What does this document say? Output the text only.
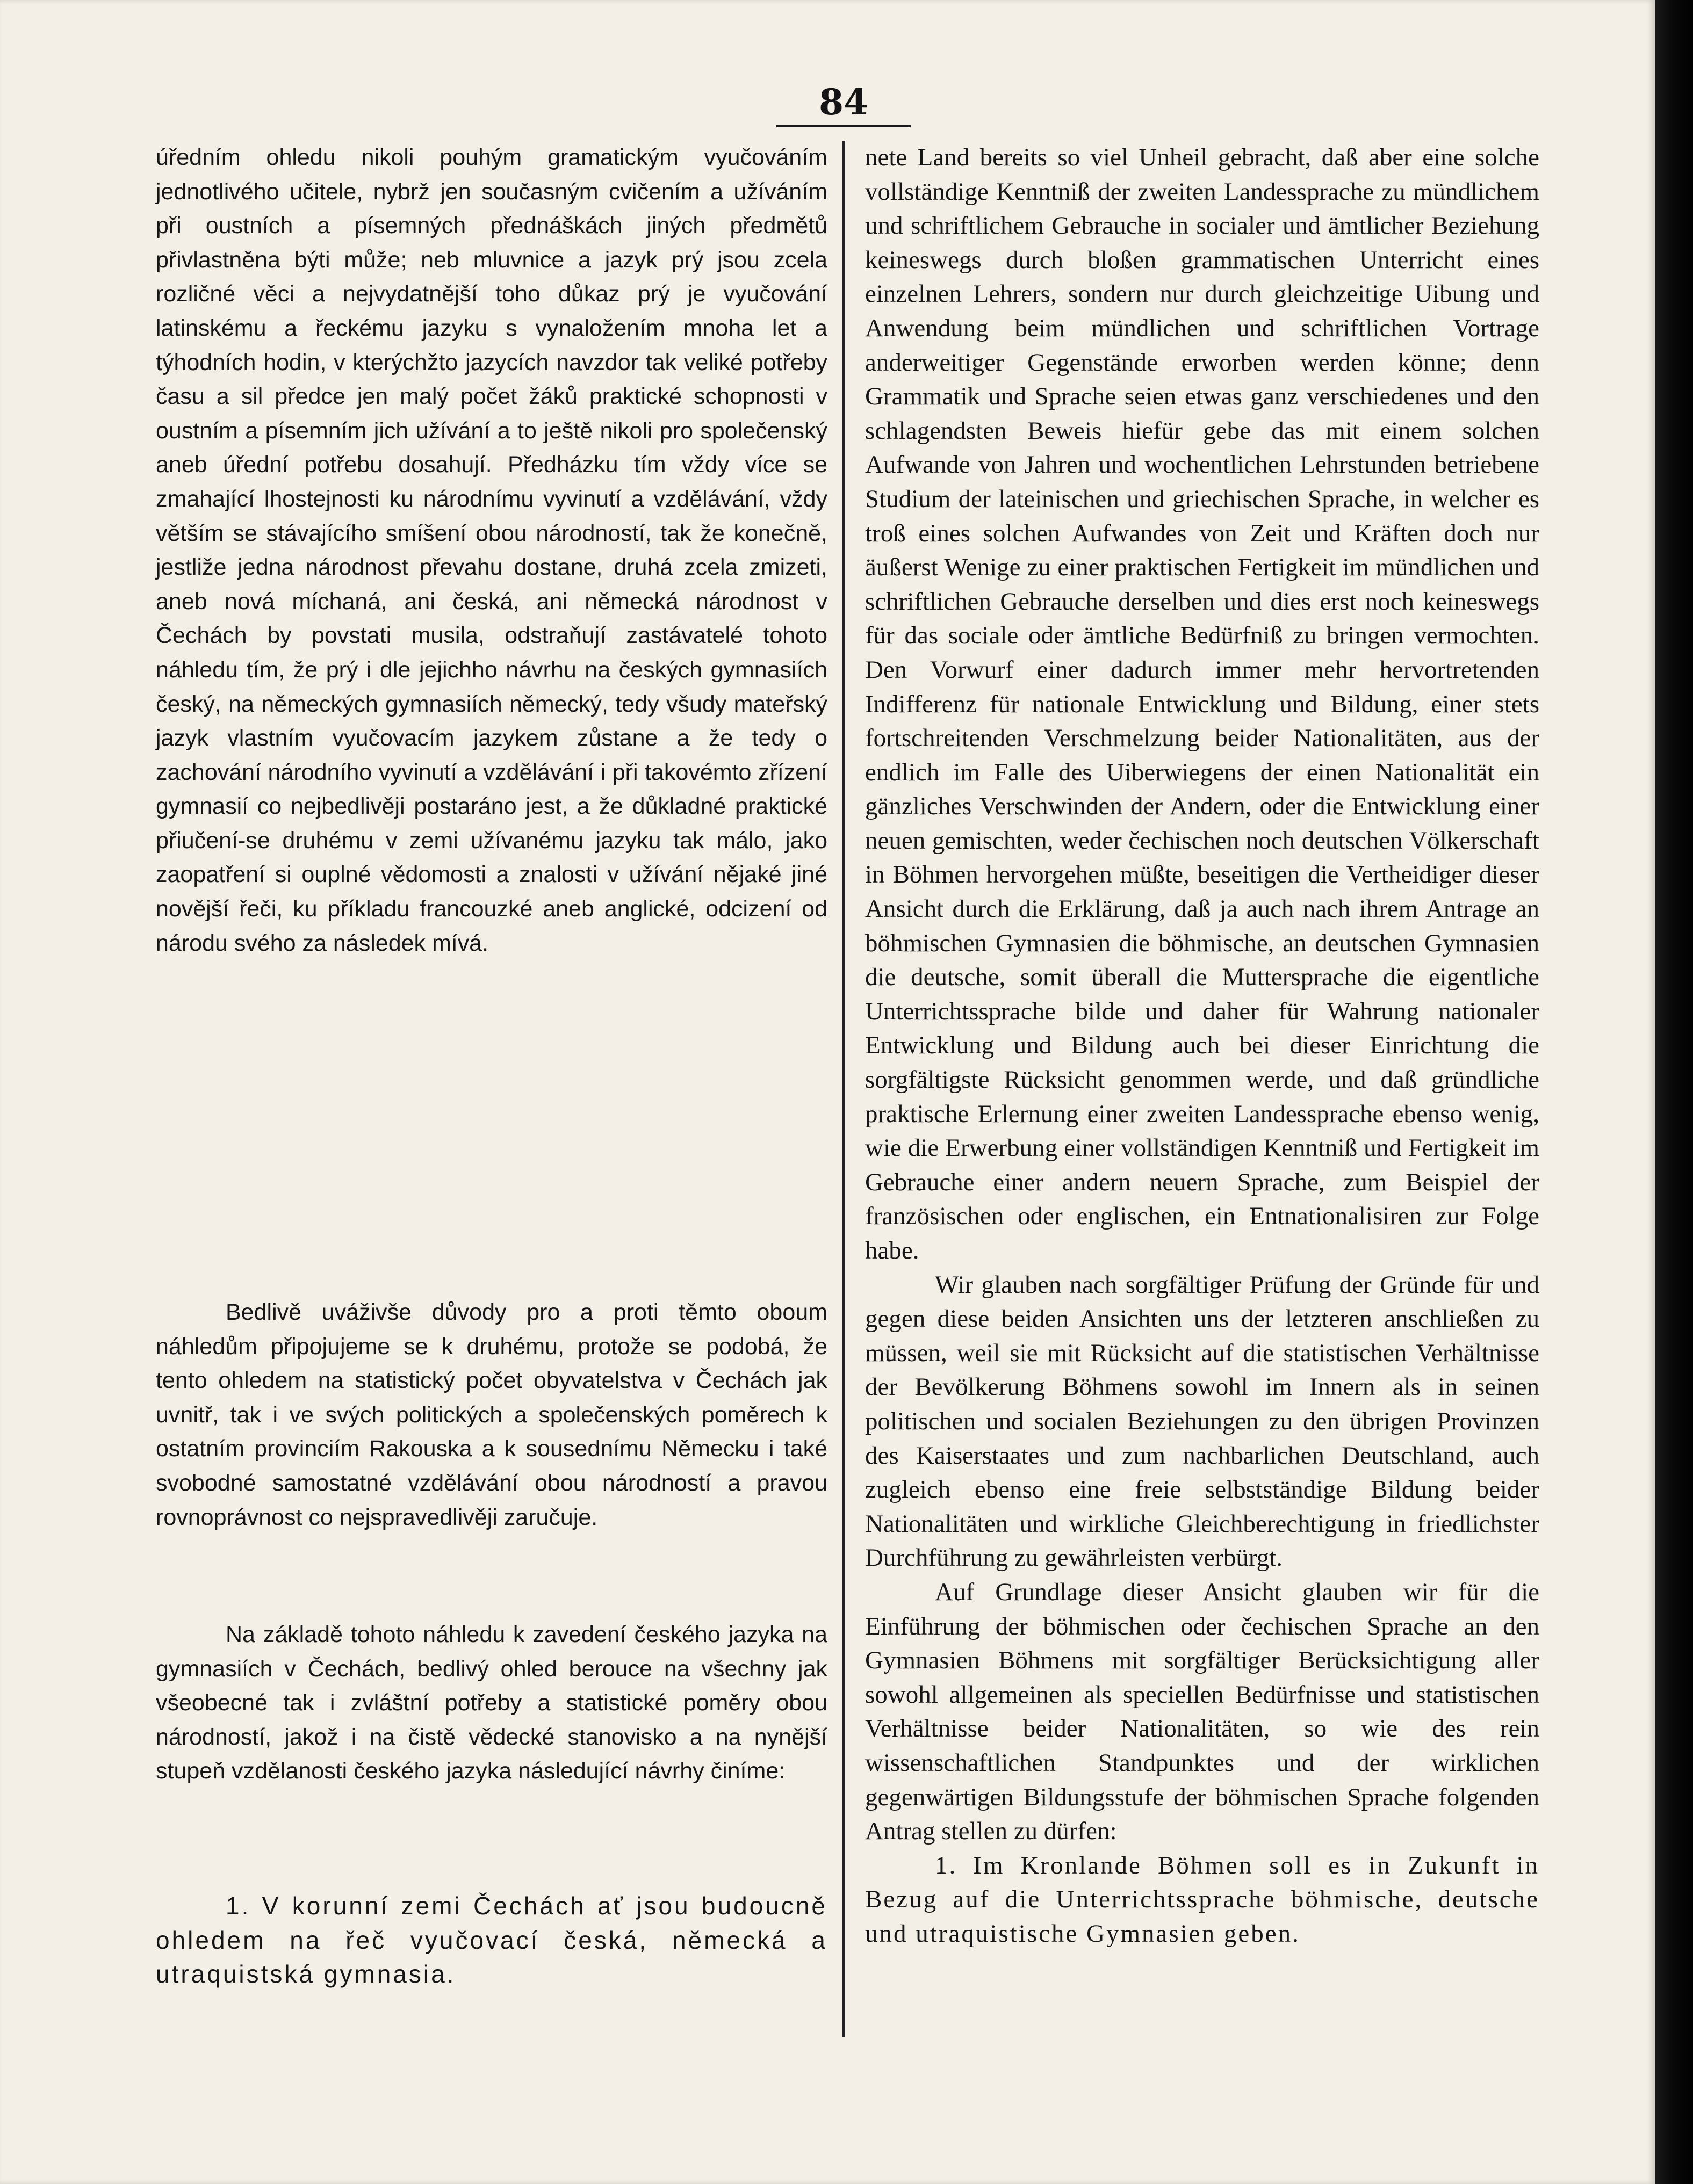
84

úředním ohledu nikoli pouhým gramatickým vyučováním jednotlivého učitele, nybrž jen současným cvičením a užíváním při oustních a písemných přednáškách jiných předmětů přivlastněna býti může; neb mluvnice a jazyk prý jsou zcela rozličné věci a nejvydatnější toho důkaz prý je vyučování latinskému a řeckému jazyku s vynaložením mnoha let a týhodních hodin, v kterýchžto jazycích navzdor tak veliké potřeby času a sil předce jen malý počet žáků praktické schopnosti v oustním a písemním jich užívání a to ještě nikoli pro společenský aneb úřední potřebu dosahují. Předházku tím vždy více se zmahající lhostejnosti ku národnímu vyvinutí a vzdělávání, vždy větším se stávajícího smíšení obou národností, tak že konečně, jestliže jedna národnost převahu dostane, druhá zcela zmizeti, aneb nová míchaná, ani česká, ani německá národnost v Čechách by povstati musila, odstraňují zastávatelé tohoto náhledu tím, že prý i dle jejichho návrhu na českých gymnasiích český, na německých gymnasiích německý, tedy všudy mateřský jazyk vlastním vyučovacím jazykem zůstane a že tedy o zachování národního vyvinutí a vzdělávání i při takovémto zřízení gymnasií co nejbedlivěji postaráno jest, a že důkladné praktické přiučení-se druhému v zemi užívanému jazyku tak málo, jako zaopatření si ouplné vědomosti a znalosti v užívání nějaké jiné novější řeči, ku příkladu francouzké aneb anglické, odcizení od národu svého za následek mívá.

Bedlivě uváživše důvody pro a proti těmto oboum náhledům připojujeme se k druhému, protože se podobá, že tento ohledem na statistický počet obyvatelstva v Čechách jak uvnitř, tak i ve svých politických a společenských poměrech k ostatním provinciím Rakouska a k sousednímu Německu i také svobodné samostatné vzdělávání obou národností a pravou rovnoprávnost co nejspravedlivěji zaručuje.

Na základě tohoto náhledu k zavedení českého jazyka na gymnasiích v Čechách, bedlivý ohled berouce na všechny jak všeobecné tak i zvláštní potřeby a statistické poměry obou národností, jakož i na čistě vědecké stanovisko a na nynější stupeň vzdělanosti českého jazyka následující návrhy činíme:

1. V korunní zemi Čechách ať jsou budoucně ohledem na řeč vyučovací česká, německá a utraquistská gymnasia.

nete Land bereits so viel Unheil gebracht, daß aber eine solche vollständige Kenntniß der zweiten Landessprache zu mündlichem und schriftlichem Gebrauche in socialer und ämtlicher Beziehung keineswegs durch bloßen grammatischen Unterricht eines einzelnen Lehrers, sondern nur durch gleichzeitige Uibung und Anwendung beim mündlichen und schriftlichen Vortrage anderweitiger Gegenstände erworben werden könne; denn Grammatik und Sprache seien etwas ganz verschiedenes und den schlagendsten Beweis hiefür gebe das mit einem solchen Aufwande von Jahren und wochentlichen Lehrstunden betriebene Studium der lateinischen und griechischen Sprache, in welcher es troß eines solchen Aufwandes von Zeit und Kräften doch nur äußerst Wenige zu einer praktischen Fertigkeit im mündlichen und schriftlichen Gebrauche derselben und dies erst noch keineswegs für das sociale oder ämtliche Bedürfniß zu bringen vermochten. Den Vorwurf einer dadurch immer mehr hervortretenden Indifferenz für nationale Entwicklung und Bildung, einer stets fortschreitenden Verschmelzung beider Nationalitäten, aus der endlich im Falle des Uiberwiegens der einen Nationalität ein gänzliches Verschwinden der Andern, oder die Entwicklung einer neuen gemischten, weder čechischen noch deutschen Völkerschaft in Böhmen hervorgehen müßte, beseitigen die Vertheidiger dieser Ansicht durch die Erklärung, daß ja auch nach ihrem Antrage an böhmischen Gymnasien die böhmische, an deutschen Gymnasien die deutsche, somit überall die Muttersprache die eigentliche Unterrichtssprache bilde und daher für Wahrung nationaler Entwicklung und Bildung auch bei dieser Einrichtung die sorgfältigste Rücksicht genommen werde, und daß gründliche praktische Erlernung einer zweiten Landessprache ebenso wenig, wie die Erwerbung einer vollständigen Kenntniß und Fertigkeit im Gebrauche einer andern neuern Sprache, zum Beispiel der französischen oder englischen, ein Entnationalisiren zur Folge habe.

Wir glauben nach sorgfältiger Prüfung der Gründe für und gegen diese beiden Ansichten uns der letzteren anschließen zu müssen, weil sie mit Rücksicht auf die statistischen Verhältnisse der Bevölkerung Böhmens sowohl im Innern als in seinen politischen und socialen Beziehungen zu den übrigen Provinzen des Kaiserstaates und zum nachbarlichen Deutschland, auch zugleich ebenso eine freie selbstständige Bildung beider Nationalitäten und wirkliche Gleichberechtigung in friedlichster Durchführung zu gewährleisten verbürgt.

Auf Grundlage dieser Ansicht glauben wir für die Einführung der böhmischen oder čechischen Sprache an den Gymnasien Böhmens mit sorgfältiger Berücksichtigung aller sowohl allgemeinen als speciellen Bedürfnisse und statistischen Verhältnisse beider Nationalitäten, so wie des rein wissenschaftlichen Standpunktes und der wirklichen gegenwärtigen Bildungsstufe der böhmischen Sprache folgenden Antrag stellen zu dürfen:

1. Im Kronlande Böhmen soll es in Zukunft in Bezug auf die Unterrichtssprache böhmische, deutsche und utraquistische Gymnasien geben.
